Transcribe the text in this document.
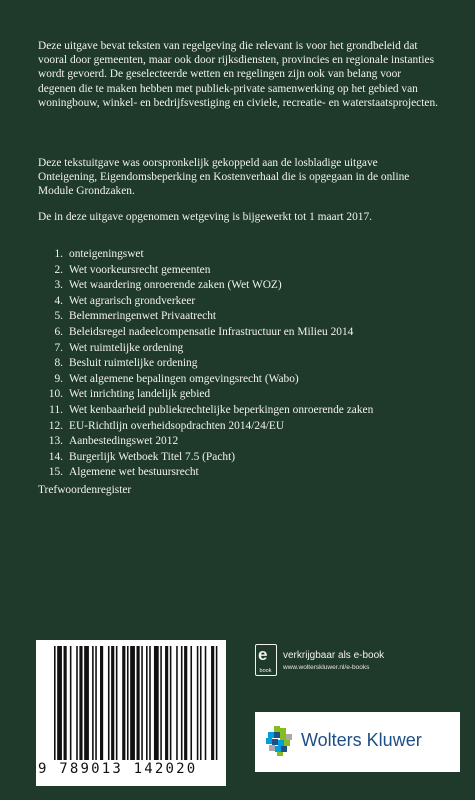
Deze uitgave bevat teksten van regelgeving die relevant is voor het grondbeleid dat vooral door gemeenten, maar ook door rijksdiensten, provincies en regionale instanties wordt gevoerd. De geselecteerde wetten en regelingen zijn ook van belang voor degenen die te maken hebben met publiek-private samenwerking op het gebied van woningbouw, winkel- en bedrijfsvestiging en civiele, recreatie- en waterstaatsprojecten.

Deze tekstuitgave was oorspronkelijk gekoppeld aan de losbladige uitgave Onteigening, Eigendomsbeperking en Kostenverhaal die is opgegaan in de online Module Grondzaken.

De in deze uitgave opgenomen wetgeving is bijgewerkt tot 1 maart 2017.

1. onteigeningswet
2. Wet voorkeursrecht gemeenten
3. Wet waardering onroerende zaken (Wet WOZ)
4. Wet agrarisch grondverkeer
5. Belemmeringenwet Privaatrecht
6. Beleidsregel nadeelcompensatie Infrastructuur en Milieu 2014
7. Wet ruimtelijke ordening
8. Besluit ruimtelijke ordening
9. Wet algemene bepalingen omgevingsrecht (Wabo)
10. Wet inrichting landelijk gebied
11. Wet kenbaarheid publiekrechtelijke beperkingen onroerende zaken
12. EU-Richtlijn overheidsopdrachten 2014/24/EU
13. Aanbestedingswet 2012
14. Burgerlijk Wetboek Titel 7.5 (Pacht)
15. Algemene wet bestuursrecht
Trefwoordenregister
9 789013 142020
e
book
verkrijgbaar als e-book
www.wolterskluwer.nl/e-books
Wolters Kluwer
